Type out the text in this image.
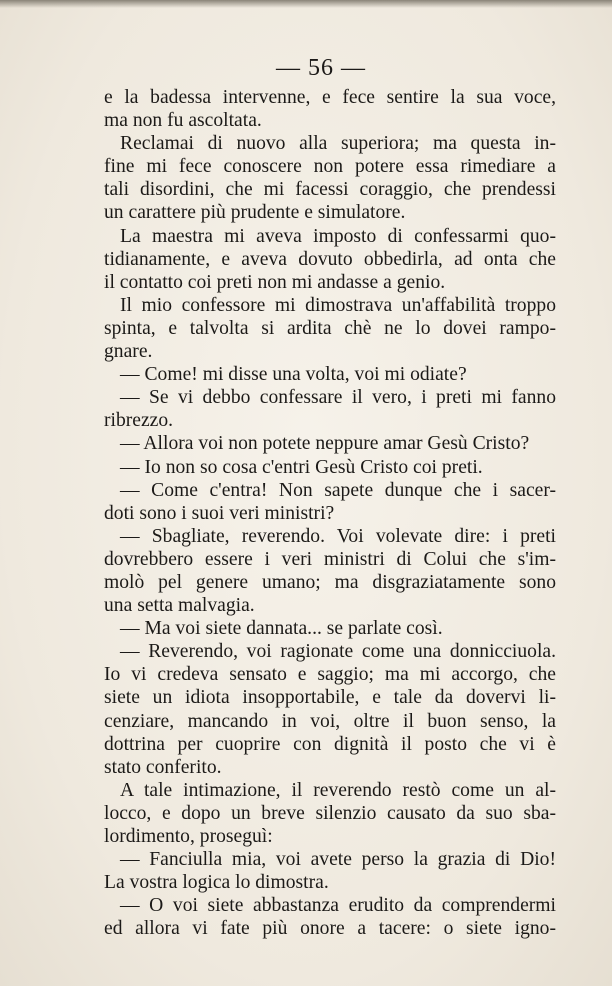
— 56 —
e la badessa intervenne, e fece sentire la sua voce,
ma non fu ascoltata.
Reclamai di nuovo alla superiora; ma questa in-
fine mi fece conoscere non potere essa rimediare a
tali disordini, che mi facessi coraggio, che prendessi
un carattere più prudente e simulatore.
La maestra mi aveva imposto di confessarmi quo-
tidianamente, e aveva dovuto obbedirla, ad onta che
il contatto coi preti non mi andasse a genio.
Il mio confessore mi dimostrava un'affabilità troppo
spinta, e talvolta si ardita chè ne lo dovei rampo-
gnare.
— Come! mi disse una volta, voi mi odiate?
— Se vi debbo confessare il vero, i preti mi fanno
ribrezzo.
— Allora voi non potete neppure amar Gesù Cristo?
— Io non so cosa c'entri Gesù Cristo coi preti.
— Come c'entra! Non sapete dunque che i sacer-
doti sono i suoi veri ministri?
— Sbagliate, reverendo. Voi volevate dire: i preti
dovrebbero essere i veri ministri di Colui che s'im-
molò pel genere umano; ma disgraziatamente sono
una setta malvagia.
— Ma voi siete dannata... se parlate così.
— Reverendo, voi ragionate come una donnicciuola.
Io vi credeva sensato e saggio; ma mi accorgo, che
siete un idiota insopportabile, e tale da dovervi li-
cenziare, mancando in voi, oltre il buon senso, la
dottrina per cuoprire con dignità il posto che vi è
stato conferito.
A tale intimazione, il reverendo restò come un al-
locco, e dopo un breve silenzio causato da suo sba-
lordimento, proseguì:
— Fanciulla mia, voi avete perso la grazia di Dio!
La vostra logica lo dimostra.
— O voi siete abbastanza erudito da comprendermi
ed allora vi fate più onore a tacere: o siete igno-
